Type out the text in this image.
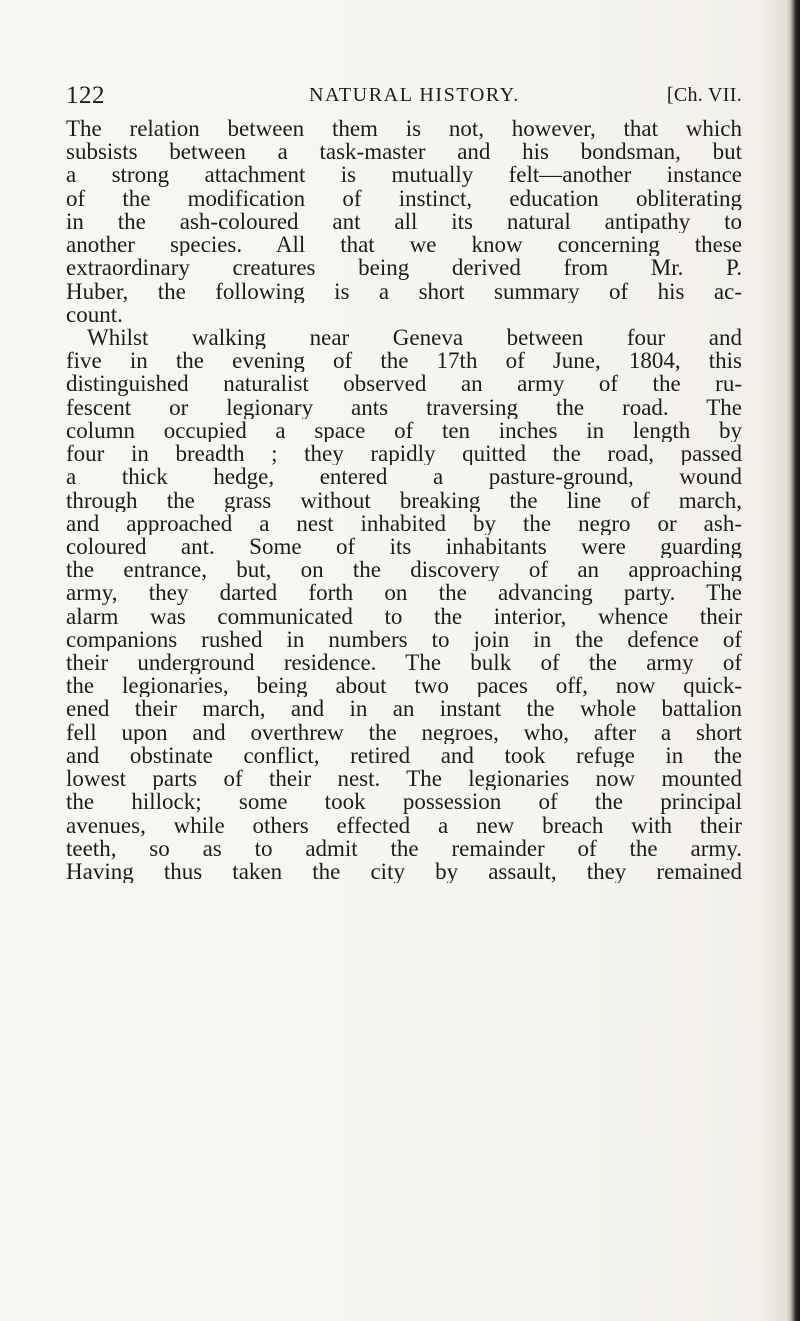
122	NATURAL HISTORY.	[Ch. VII.
The relation between them is not, however, that which
subsists between a task-master and his bondsman, but
a strong attachment is mutually felt—another instance
of the modification of instinct, education obliterating
in the ash-coloured ant all its natural antipathy to
another species. All that we know concerning these
extraordinary creatures being derived from Mr. P.
Huber, the following is a short summary of his ac-
count.
Whilst walking near Geneva between four and
five in the evening of the 17th of June, 1804, this
distinguished naturalist observed an army of the ru-
fescent or legionary ants traversing the road. The
column occupied a space of ten inches in length by
four in breadth ; they rapidly quitted the road, passed
a thick hedge, entered a pasture-ground, wound
through the grass without breaking the line of march,
and approached a nest inhabited by the negro or ash-
coloured ant. Some of its inhabitants were guarding
the entrance, but, on the discovery of an approaching
army, they darted forth on the advancing party. The
alarm was communicated to the interior, whence their
companions rushed in numbers to join in the defence of
their underground residence. The bulk of the army of
the legionaries, being about two paces off, now quick-
ened their march, and in an instant the whole battalion
fell upon and overthrew the negroes, who, after a short
and obstinate conflict, retired and took refuge in the
lowest parts of their nest. The legionaries now mounted
the hillock; some took possession of the principal
avenues, while others effected a new breach with their
teeth, so as to admit the remainder of the army.
Having thus taken the city by assault, they remained
